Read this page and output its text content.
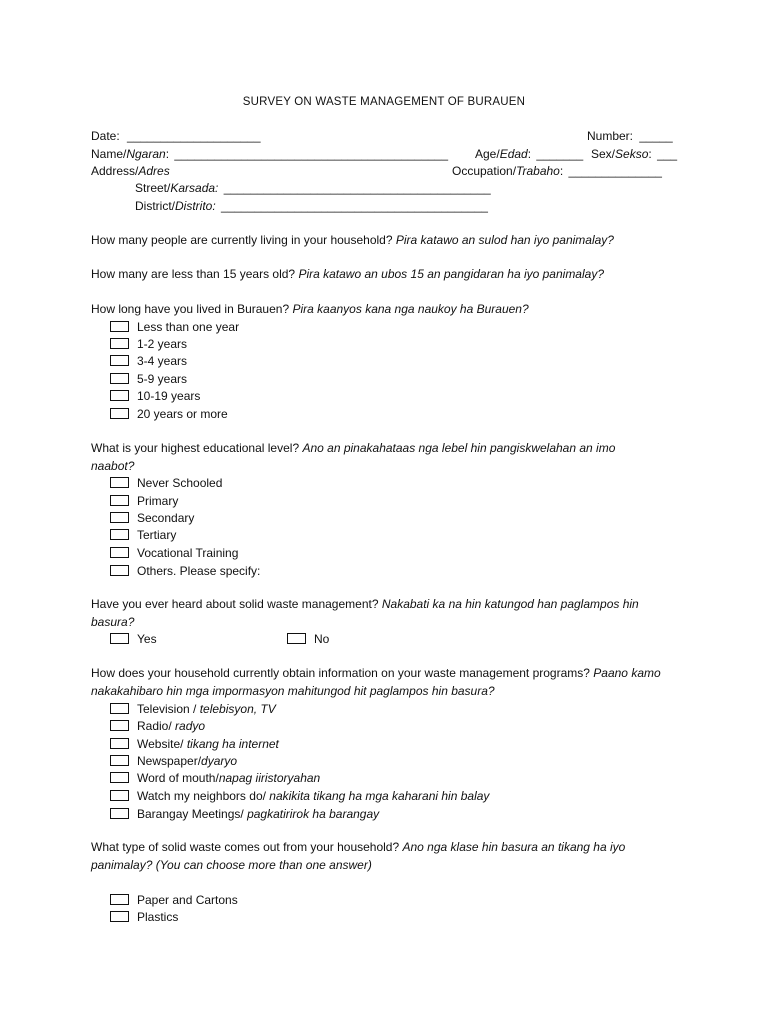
SURVEY ON WASTE MANAGEMENT OF BURAUEN
Date: ____________________	Number: _____
Name/Ngaran: _________________________________________ Age/Edad: _______ Sex/Sekso: ___
Address/Adres	Occupation/Trabaho: ______________
Street/Karsada: ________________________________________
District/Distrito: ________________________________________
How many people are currently living in your household? Pira katawo an sulod han iyo panimalay?
How many are less than 15 years old? Pira katawo an ubos 15 an pangidaran ha iyo panimalay?
How long have you lived in Burauen? Pira kaanyos kana nga naukoy ha Burauen?
Less than one year
1-2 years
3-4 years
5-9 years
10-19 years
20 years or more
What is your highest educational level? Ano an pinakahataas nga lebel hin pangiskwelahan an imo naabot?
Never Schooled
Primary
Secondary
Tertiary
Vocational Training
Others. Please specify:
Have you ever heard about solid waste management? Nakabati ka na hin katungod han paglampos hin basura?
Yes	No
How does your household currently obtain information on your waste management programs? Paano kamo nakakahibaro hin mga impormasyon mahitungod hit paglampos hin basura?
Television / telebisyon, TV
Radio/ radyo
Website/ tikang ha internet
Newspaper/dyaryo
Word of mouth/napag iiristoryahan
Watch my neighbors do/ nakikita tikang ha mga kaharani hin balay
Barangay Meetings/ pagkatirirok ha barangay
What type of solid waste comes out from your household? Ano nga klase hin basura an tikang ha iyo panimalay? (You can choose more than one answer)
Paper and Cartons
Plastics
